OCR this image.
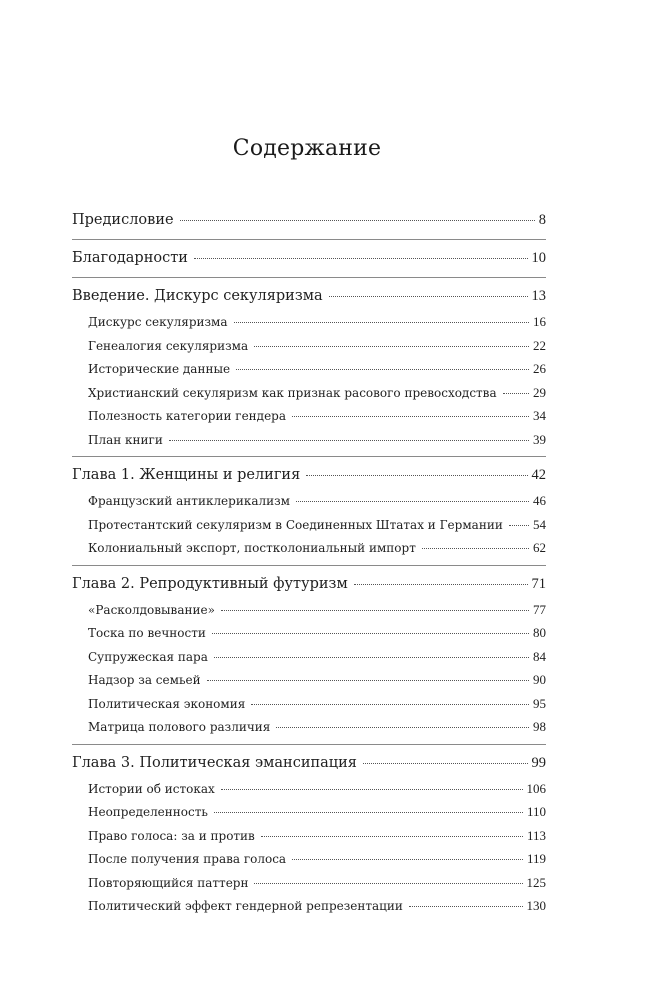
Содержание
Предисловие	8
Благодарности	10
Введение. Дискурс секуляризма	13
Дискурс секуляризма	16
Генеалогия секуляризма	22
Исторические данные	26
Христианский секуляризм как признак расового превосходства	29
Полезность категории гендера	34
План книги	39
Глава 1. Женщины и религия	42
Французский антиклерикализм	46
Протестантский секуляризм в Соединенных Штатах и Германии 54
Колониальный экспорт, постколониальный импорт	62
Глава 2. Репродуктивный футуризм	71
«Расколдовывание»	77
Тоска по вечности	80
Супружеская пара	84
Надзор за семьей	90
Политическая экономия	95
Матрица полового различия	98
Глава 3. Политическая эмансипация	99
Истории об истоках	106
Неопределенность	110
Право голоса: за и против	113
После получения права голоса	119
Повторяющийся паттерн	125
Политический эффект гендерной репрезентации	130
